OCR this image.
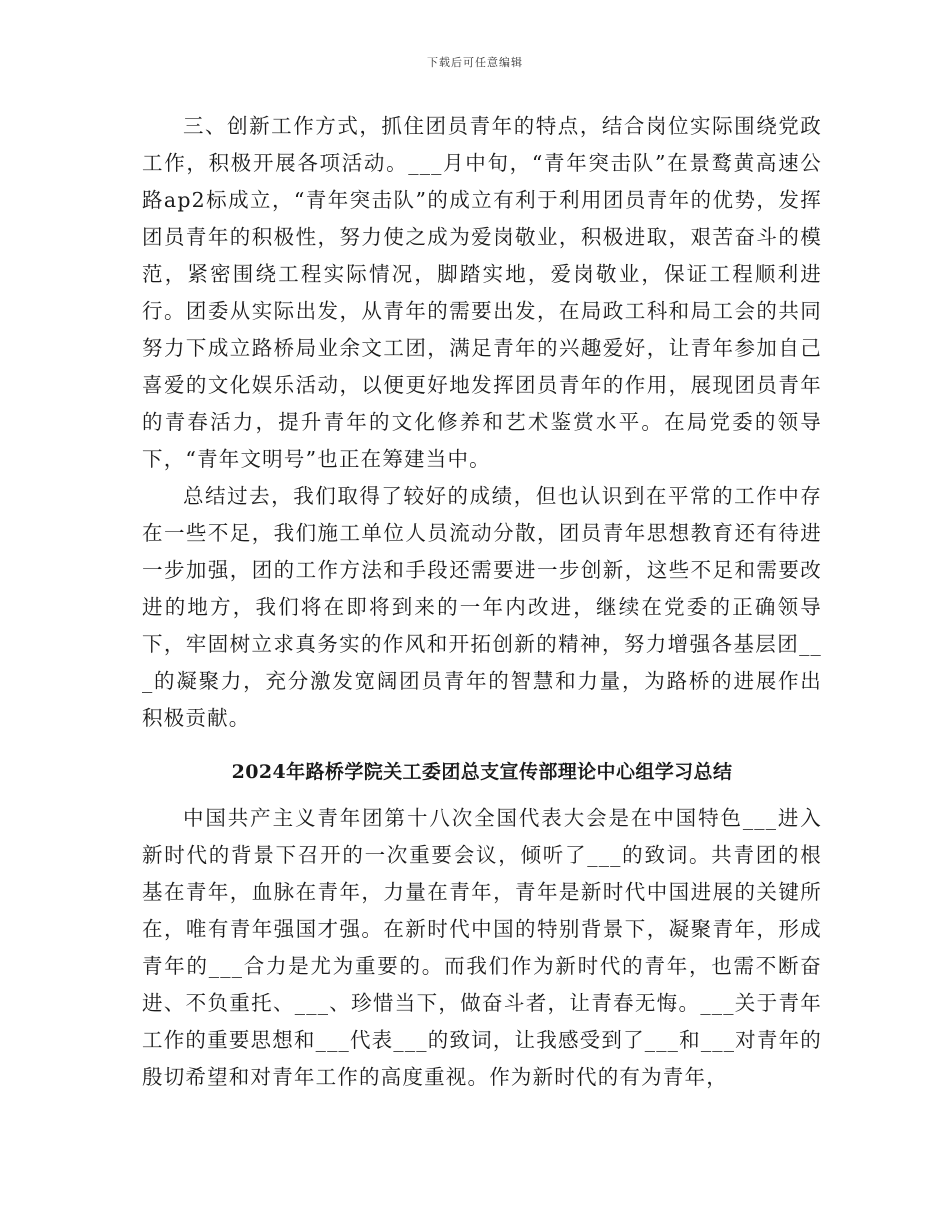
下载后可任意编辑

三、创新工作方式，抓住团员青年的特点，结合岗位实际围绕党政工作，积极开展各项活动。___月中旬，“青年突击队”在景鹜黄高速公路ap2标成立，“青年突击队”的成立有利于利用团员青年的优势，发挥团员青年的积极性，努力使之成为爱岗敬业，积极进取，艰苦奋斗的模范，紧密围绕工程实际情况，脚踏实地，爱岗敬业，保证工程顺利进行。团委从实际出发，从青年的需要出发，在局政工科和局工会的共同努力下成立路桥局业余文工团，满足青年的兴趣爱好，让青年参加自己喜爱的文化娱乐活动，以便更好地发挥团员青年的作用，展现团员青年的青春活力，提升青年的文化修养和艺术鉴赏水平。在局党委的领导下，“青年文明号”也正在筹建当中。

总结过去，我们取得了较好的成绩，但也认识到在平常的工作中存在一些不足，我们施工单位人员流动分散，团员青年思想教育还有待进一步加强，团的工作方法和手段还需要进一步创新，这些不足和需要改进的地方，我们将在即将到来的一年内改进，继续在党委的正确领导下，牢固树立求真务实的作风和开拓创新的精神，努力增强各基层团___的凝聚力，充分激发宽阔团员青年的智慧和力量，为路桥的进展作出积极贡献。

2024年路桥学院关工委团总支宣传部理论中心组学习总结

中国共产主义青年团第十八次全国代表大会是在中国特色___进入新时代的背景下召开的一次重要会议，倾听了___的致词。共青团的根基在青年，血脉在青年，力量在青年，青年是新时代中国进展的关键所在，唯有青年强国才强。在新时代中国的特别背景下，凝聚青年，形成青年的___合力是尤为重要的。而我们作为新时代的青年，也需不断奋进、不负重托、___、珍惜当下，做奋斗者，让青春无悔。___关于青年工作的重要思想和___代表___的致词，让我感受到了___和___对青年的殷切希望和对青年工作的高度重视。作为新时代的有为青年，
